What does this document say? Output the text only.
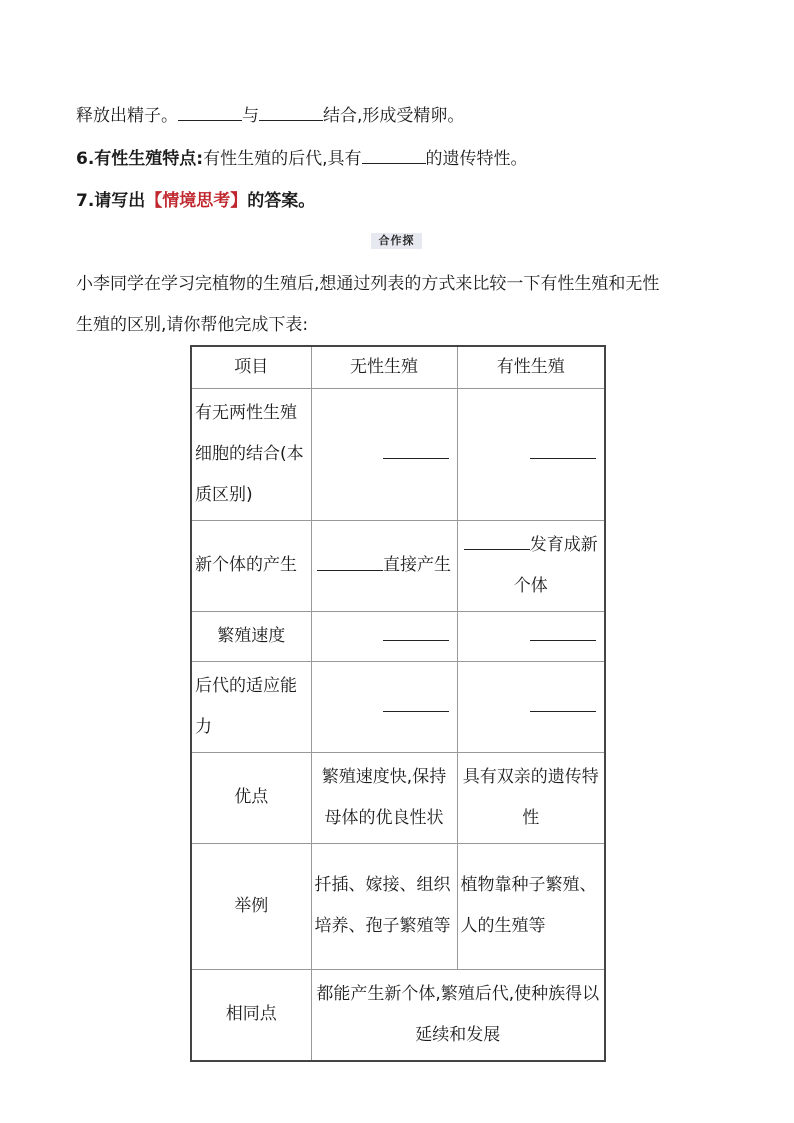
释放出精子。	与	结合,形成受精卵。
6.有性生殖特点:有性生殖的后代,具有	的遗传特性。
7.请写出【情境思考】的答案。
合作探
小李同学在学习完植物的生殖后,想通过列表的方式来比较一下有性生殖和无性
生殖的区别,请你帮他完成下表:
项目	无性生殖	有性生殖
有无两性生殖细胞的结合(本质区别)		
新个体的产生	直接产生	发育成新个体
繁殖速度		
后代的适应能力		
优点	繁殖速度快,保持母体的优良性状	具有双亲的遗传特性
举例	扦插、嫁接、组织培养、孢子繁殖等	植物靠种子繁殖、人的生殖等
相同点	都能产生新个体,繁殖后代,使种族得以延续和发展	
